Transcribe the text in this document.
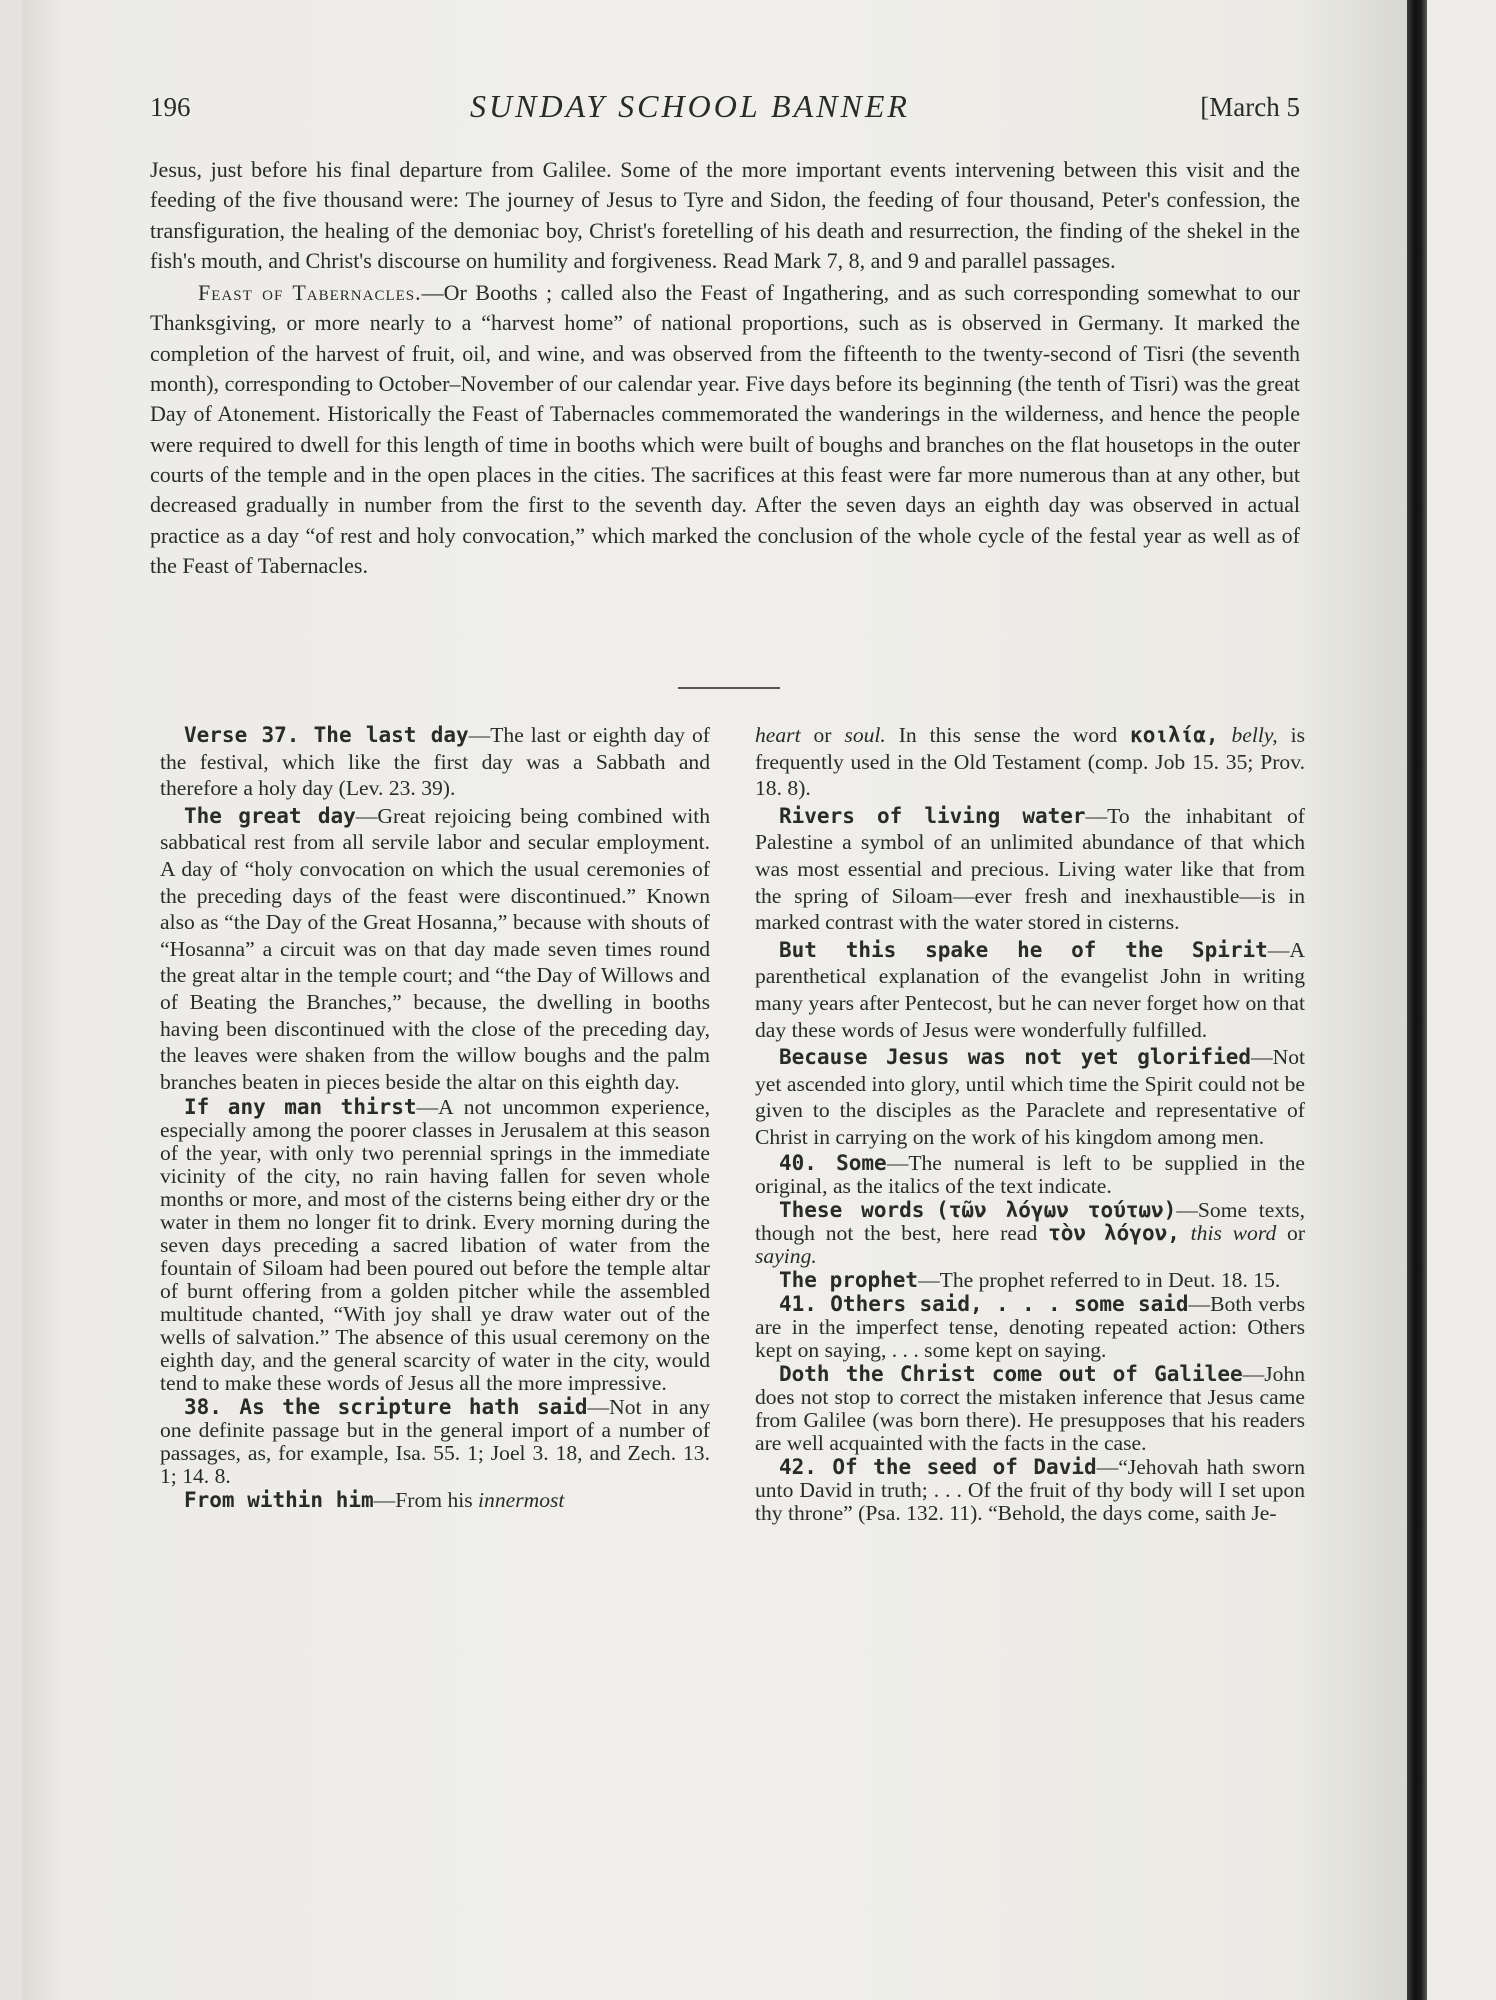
196	SUNDAY SCHOOL BANNER	[March 5

Jesus, just before his final departure from Galilee. Some of the more important events intervening between this visit and the feeding of the five thousand were: The journey of Jesus to Tyre and Sidon, the feeding of four thousand, Peter's confession, the transfiguration, the healing of the demoniac boy, Christ's foretelling of his death and resurrection, the finding of the shekel in the fish's mouth, and Christ's discourse on humility and forgiveness. Read Mark 7, 8, and 9 and parallel passages.

Feast of Tabernacles.—Or Booths ; called also the Feast of Ingathering, and as such corresponding somewhat to our Thanksgiving, or more nearly to a “harvest home” of national proportions, such as is observed in Germany. It marked the completion of the harvest of fruit, oil, and wine, and was observed from the fifteenth to the twenty-second of Tisri (the seventh month), corresponding to October–November of our calendar year. Five days before its beginning (the tenth of Tisri) was the great Day of Atonement. Historically the Feast of Tabernacles commemorated the wanderings in the wilderness, and hence the people were required to dwell for this length of time in booths which were built of boughs and branches on the flat housetops in the outer courts of the temple and in the open places in the cities. The sacrifices at this feast were far more numerous than at any other, but decreased gradually in number from the first to the seventh day. After the seven days an eighth day was observed in actual practice as a day “of rest and holy convocation,” which marked the conclusion of the whole cycle of the festal year as well as of the Feast of Tabernacles.

Verse 37. The last day—The last or eighth day of the festival, which like the first day was a Sabbath and therefore a holy day (Lev. 23. 39).

The great day—Great rejoicing being combined with sabbatical rest from all servile labor and secular employment. A day of “holy convocation on which the usual ceremonies of the preceding days of the feast were discontinued.” Known also as “the Day of the Great Hosanna,” because with shouts of “Hosanna” a circuit was on that day made seven times round the great altar in the temple court; and “the Day of Willows and of Beating the Branches,” because, the dwelling in booths having been discontinued with the close of the preceding day, the leaves were shaken from the willow boughs and the palm branches beaten in pieces beside the altar on this eighth day.

If any man thirst—A not uncommon experience, especially among the poorer classes in Jerusalem at this season of the year, with only two perennial springs in the immediate vicinity of the city, no rain having fallen for seven whole months or more, and most of the cisterns being either dry or the water in them no longer fit to drink. Every morning during the seven days preceding a sacred libation of water from the fountain of Siloam had been poured out before the temple altar of burnt offering from a golden pitcher while the assembled multitude chanted, “With joy shall ye draw water out of the wells of salvation.” The absence of this usual ceremony on the eighth day, and the general scarcity of water in the city, would tend to make these words of Jesus all the more impressive.

38. As the scripture hath said—Not in any one definite passage but in the general import of a number of passages, as, for example, Isa. 55. 1; Joel 3. 18, and Zech. 13. 1; 14. 8.

From within him—From his innermost

heart or soul. In this sense the word κοιλία, belly, is frequently used in the Old Testament (comp. Job 15. 35; Prov. 18. 8).

Rivers of living water—To the inhabitant of Palestine a symbol of an unlimited abundance of that which was most essential and precious. Living water like that from the spring of Siloam—ever fresh and inexhaustible—is in marked contrast with the water stored in cisterns.

But this spake he of the Spirit—A parenthetical explanation of the evangelist John in writing many years after Pentecost, but he can never forget how on that day these words of Jesus were wonderfully fulfilled.

Because Jesus was not yet glorified—Not yet ascended into glory, until which time the Spirit could not be given to the disciples as the Paraclete and representative of Christ in carrying on the work of his kingdom among men.

40. Some—The numeral is left to be supplied in the original, as the italics of the text indicate.

These words (τῶν λόγων τούτων)—Some texts, though not the best, here read τὸν λόγον, this word or saying.

The prophet—The prophet referred to in Deut. 18. 15.

41. Others said, . . . some said—Both verbs are in the imperfect tense, denoting repeated action: Others kept on saying, . . . some kept on saying.

Doth the Christ come out of Galilee—John does not stop to correct the mistaken inference that Jesus came from Galilee (was born there). He presupposes that his readers are well acquainted with the facts in the case.

42. Of the seed of David—“Jehovah hath sworn unto David in truth; . . . Of the fruit of thy body will I set upon thy throne” (Psa. 132. 11). “Behold, the days come, saith Je-
